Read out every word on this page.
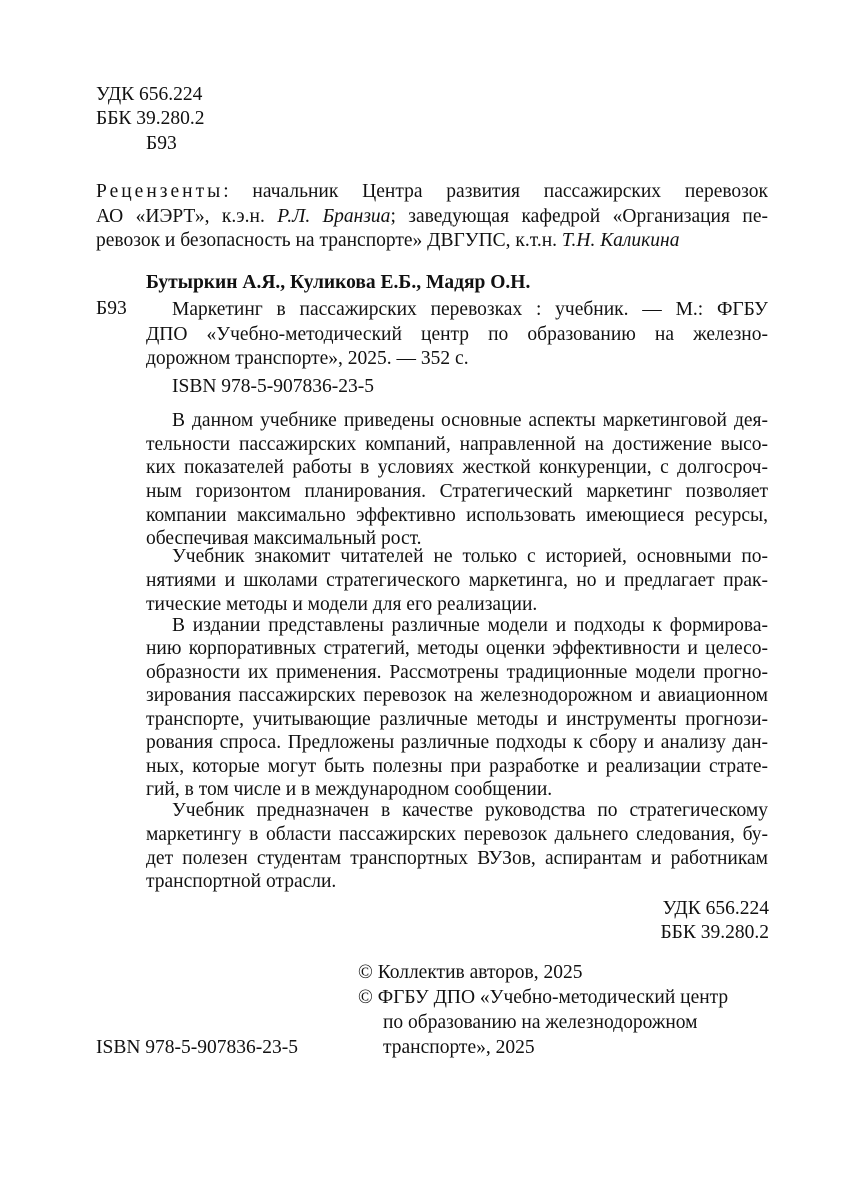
УДК 656.224
ББК 39.280.2
Б93
Рецензенты: начальник Центра развития пассажирских перевозок
АО «ИЭРТ», к.э.н. Р.Л. Бранзиа; заведующая кафедрой «Организация пе-
ревозок и безопасность на транспорте» ДВГУПС, к.т.н. Т.Н. Каликина
Бутыркин А.Я., Куликова Е.Б., Мадяр О.Н.
Б93 Маркетинг в пассажирских перевозках : учебник. — М.: ФГБУ
ДПО «Учебно-методический центр по образованию на железно-
дорожном транспорте», 2025. — 352 с.
ISBN 978-5-907836-23-5
В данном учебнике приведены основные аспекты маркетинговой дея-
тельности пассажирских компаний, направленной на достижение высо-
ких показателей работы в условиях жесткой конкуренции, с долгосроч-
ным горизонтом планирования. Стратегический маркетинг позволяет
компании максимально эффективно использовать имеющиеся ресурсы,
обеспечивая максимальный рост.
Учебник знакомит читателей не только с историей, основными по-
нятиями и школами стратегического маркетинга, но и предлагает прак-
тические методы и модели для его реализации.
В издании представлены различные модели и подходы к формирова-
нию корпоративных стратегий, методы оценки эффективности и целесо-
образности их применения. Рассмотрены традиционные модели прогно-
зирования пассажирских перевозок на железнодорожном и авиационном
транспорте, учитывающие различные методы и инструменты прогнози-
рования спроса. Предложены различные подходы к сбору и анализу дан-
ных, которые могут быть полезны при разработке и реализации страте-
гий, в том числе и в международном сообщении.
Учебник предназначен в качестве руководства по стратегическому
маркетингу в области пассажирских перевозок дальнего следования, бу-
дет полезен студентам транспортных ВУЗов, аспирантам и работникам
транспортной отрасли.
УДК 656.224
ББК 39.280.2
© Коллектив авторов, 2025
© ФГБУ ДПО «Учебно-методический центр
по образованию на железнодорожном
транспорте», 2025
ISBN 978-5-907836-23-5
